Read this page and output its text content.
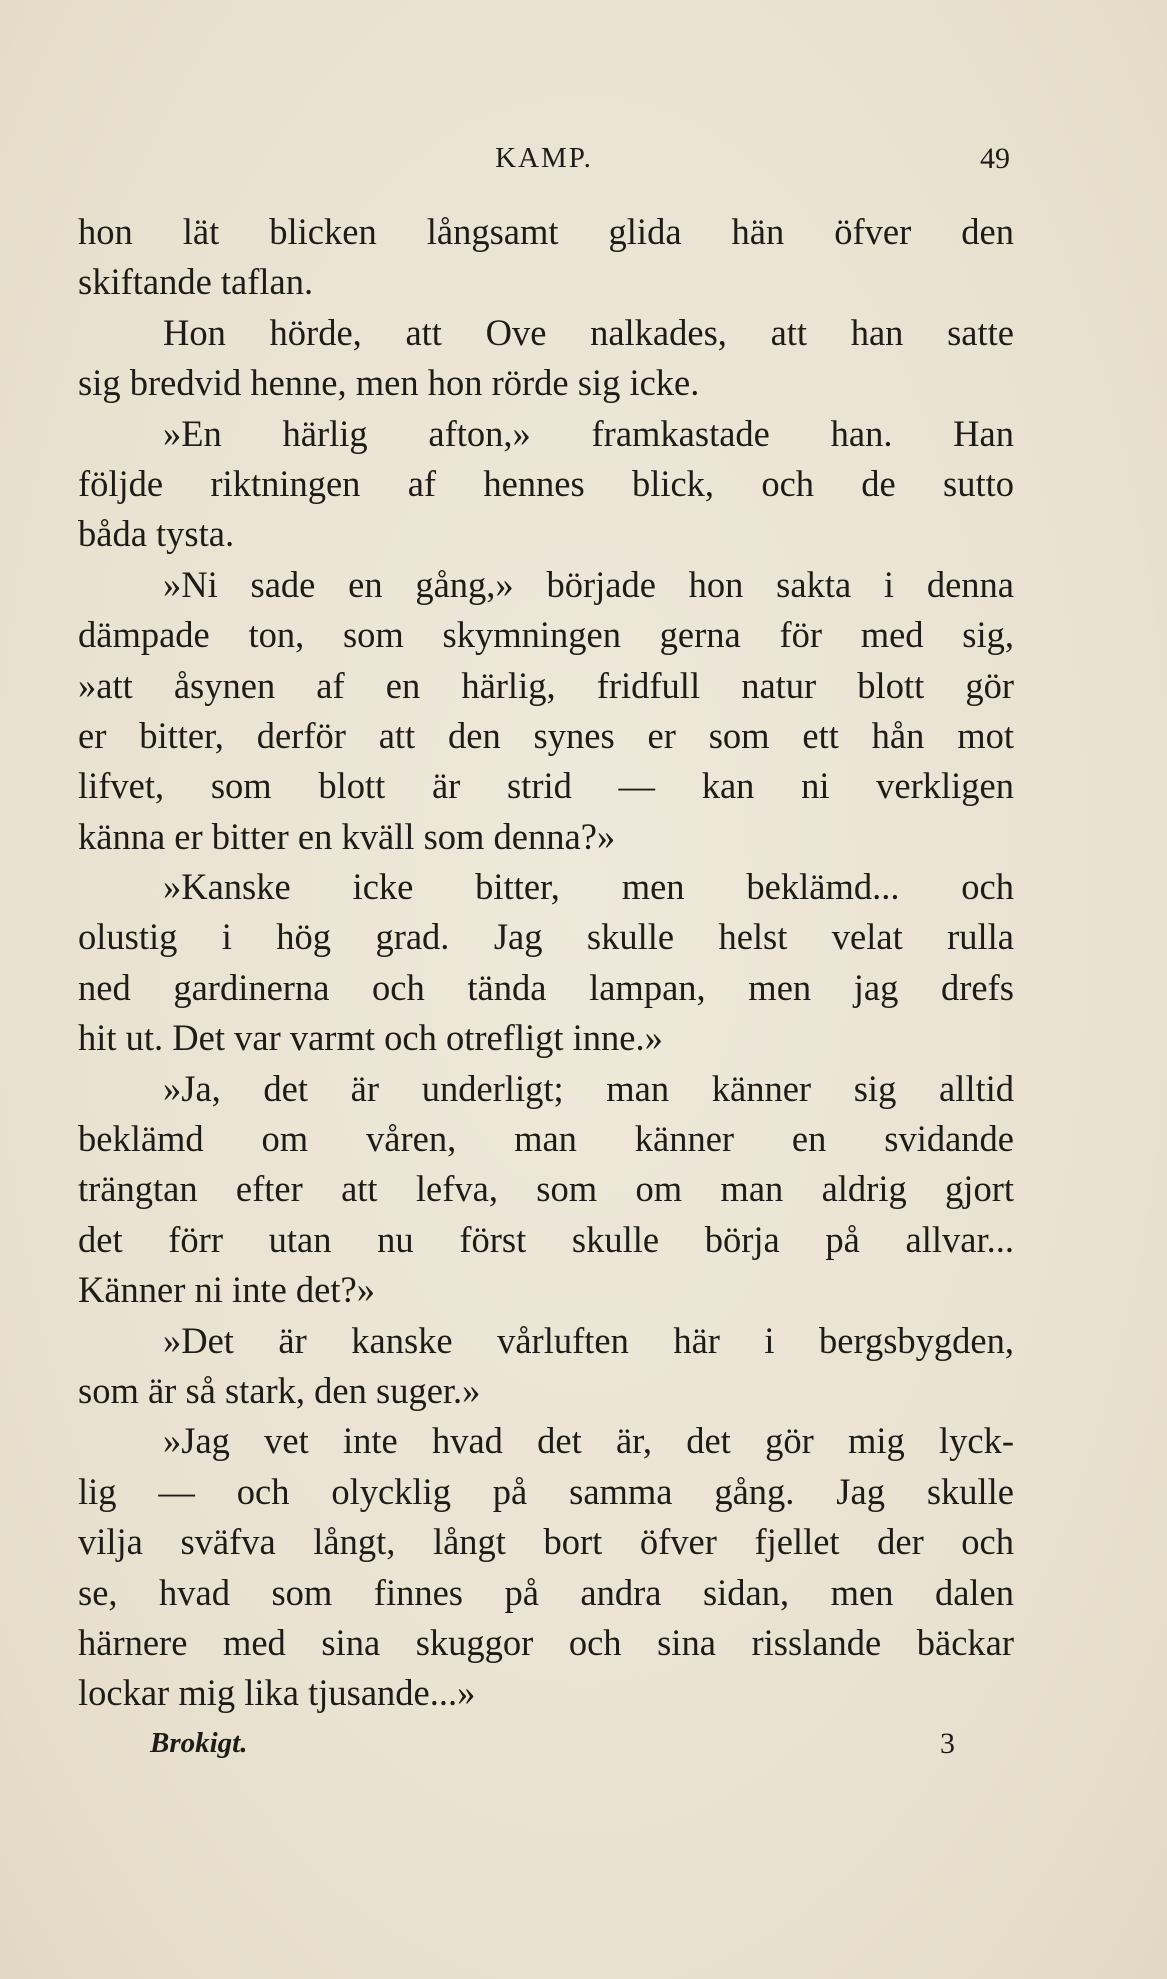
KAMP.	49
hon lät blicken långsamt glida hän öfver den
skiftande taflan.
Hon hörde, att Ove nalkades, att han satte
sig bredvid henne, men hon rörde sig icke.
»En härlig afton,» framkastade han. Han
följde riktningen af hennes blick, och de sutto
båda tysta.
»Ni sade en gång,» började hon sakta i denna
dämpade ton, som skymningen gerna för med sig,
»att åsynen af en härlig, fridfull natur blott gör
er bitter, derför att den synes er som ett hån mot
lifvet, som blott är strid — kan ni verkligen
känna er bitter en kväll som denna?»
»Kanske icke bitter, men beklämd... och
olustig i hög grad. Jag skulle helst velat rulla
ned gardinerna och tända lampan, men jag drefs
hit ut. Det var varmt och otrefligt inne.»
»Ja, det är underligt; man känner sig alltid
beklämd om våren, man känner en svidande
trängtan efter att lefva, som om man aldrig gjort
det förr utan nu först skulle börja på allvar...
Känner ni inte det?»
»Det är kanske vårluften här i bergsbygden,
som är så stark, den suger.»
»Jag vet inte hvad det är, det gör mig lyck-
lig — och olycklig på samma gång. Jag skulle
vilja sväfva långt, långt bort öfver fjellet der och
se, hvad som finnes på andra sidan, men dalen
härnere med sina skuggor och sina risslande bäckar
lockar mig lika tjusande...»
Brokigt.	3
